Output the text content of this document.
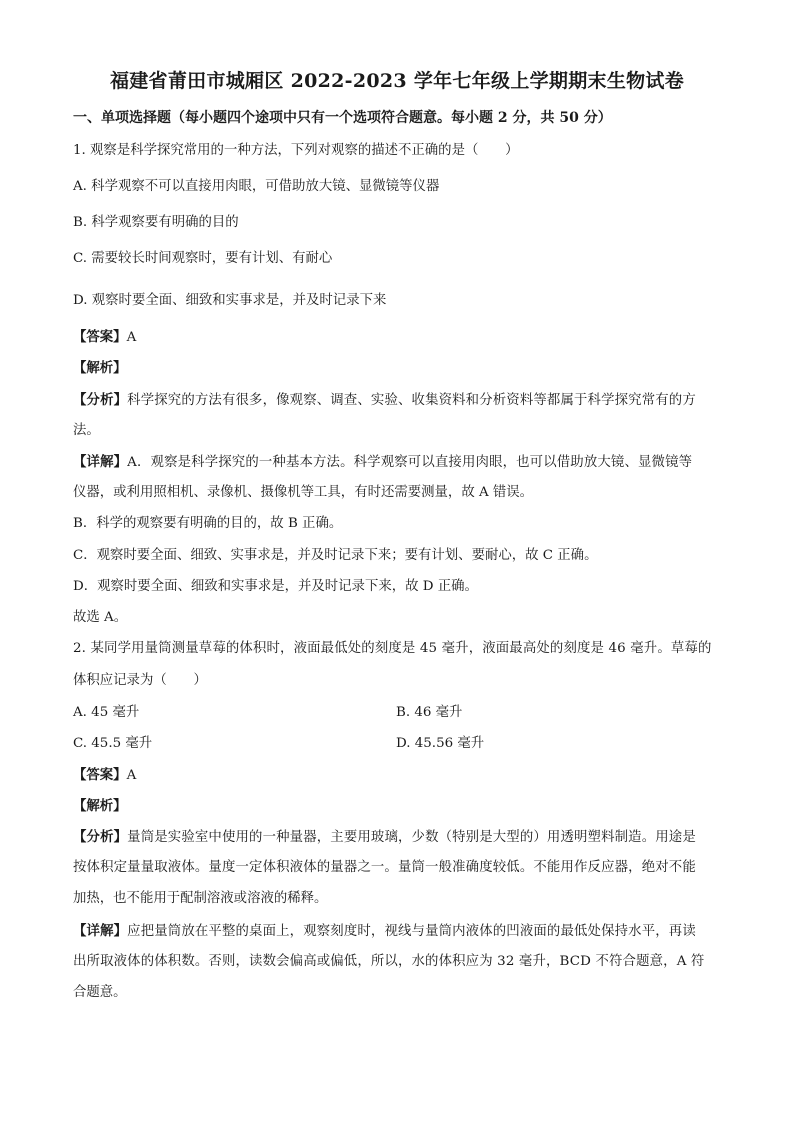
福建省莆田市城厢区 2022-2023 学年七年级上学期期末生物试卷
一、单项选择题（每小题四个途项中只有一个选项符合题意。每小题 2 分，共 50 分）
1. 观察是科学探究常用的一种方法，下列对观察的描述不正确的是（　　）
A. 科学观察不可以直接用肉眼，可借助放大镜、显微镜等仪器
B. 科学观察要有明确的目的
C. 需要较长时间观察时，要有计划、有耐心
D. 观察时要全面、细致和实事求是，并及时记录下来
【答案】A
【解析】
【分析】科学探究的方法有很多，像观察、调查、实验、收集资料和分析资料等都属于科学探究常有的方
法。
【详解】A．观察是科学探究的一种基本方法。科学观察可以直接用肉眼，也可以借助放大镜、显微镜等
仪器，或利用照相机、录像机、摄像机等工具，有时还需要测量，故 A 错误。
B．科学的观察要有明确的目的，故 B 正确。
C．观察时要全面、细致、实事求是，并及时记录下来；要有计划、要耐心，故 C 正确。
D．观察时要全面、细致和实事求是，并及时记录下来，故 D 正确。
故选 A。
2. 某同学用量筒测量草莓的体积时，液面最低处的刻度是 45 毫升，液面最高处的刻度是 46 毫升。草莓的
体积应记录为（　　）
A. 45 毫升	B. 46 毫升
C. 45.5 毫升	D. 45.56 毫升
【答案】A
【解析】
【分析】量筒是实验室中使用的一种量器，主要用玻璃，少数（特别是大型的）用透明塑料制造。用途是
按体积定量量取液体。量度一定体积液体的量器之一。量筒一般准确度较低。不能用作反应器，绝对不能
加热，也不能用于配制溶液或溶液的稀释。
【详解】应把量筒放在平整的桌面上，观察刻度时，视线与量筒内液体的凹液面的最低处保持水平，再读
出所取液体的体积数。否则，读数会偏高或偏低，所以，水的体积应为 32 毫升，BCD 不符合题意，A 符
合题意。
